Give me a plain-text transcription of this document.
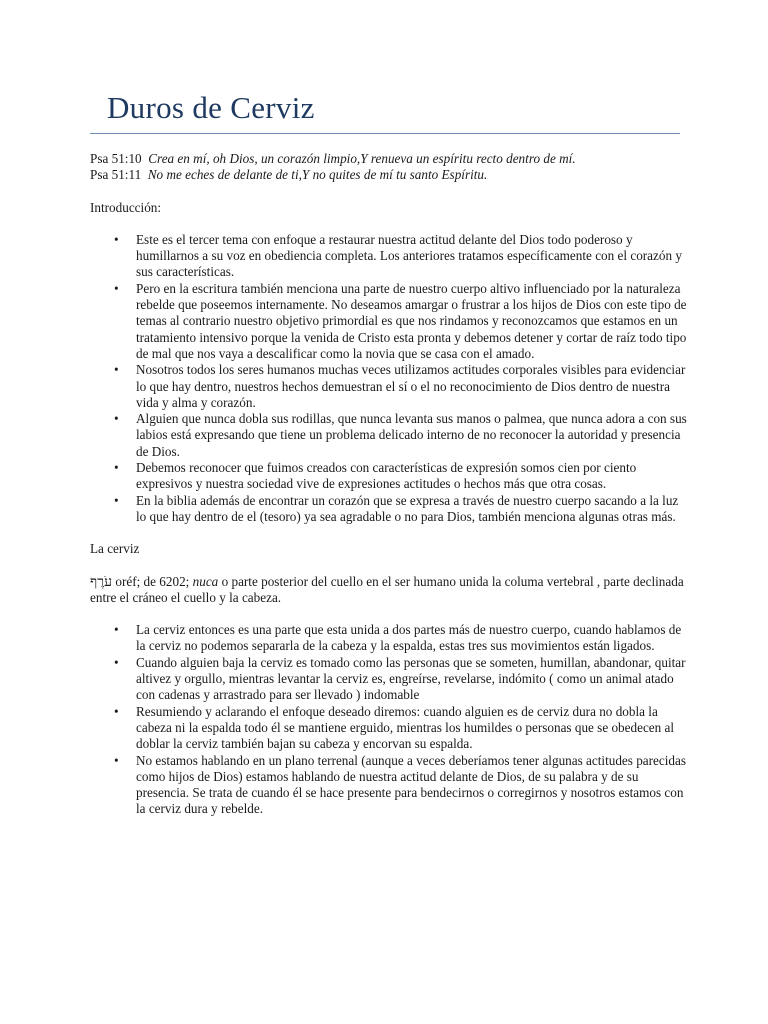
Duros de Cerviz

Psa 51:10 Crea en mí, oh Dios, un corazón limpio,Y renueva un espíritu recto dentro de mí.

Psa 51:11 No me eches de delante de ti,Y no quites de mí tu santo Espíritu.

Introducción:

• Este es el tercer tema con enfoque a restaurar nuestra actitud delante del Dios todo poderoso y humillarnos a su voz en obediencia completa. Los anteriores tratamos específicamente con el corazón y sus características.
• Pero en la escritura también menciona una parte de nuestro cuerpo altivo influenciado por la naturaleza rebelde que poseemos internamente. No deseamos amargar o frustrar a los hijos de Dios con este tipo de temas al contrario nuestro objetivo primordial es que nos rindamos y reconozcamos que estamos en un tratamiento intensivo porque la venida de Cristo esta pronta y debemos detener y cortar de raíz todo tipo de mal que nos vaya a descalificar como la novia que se casa con el amado.
• Nosotros todos los seres humanos muchas veces utilizamos actitudes corporales visibles para evidenciar lo que hay dentro, nuestros hechos demuestran el sí o el no reconocimiento de Dios dentro de nuestra vida y alma y corazón.
• Alguien que nunca dobla sus rodillas, que nunca levanta sus manos o palmea, que nunca adora a con sus labios está expresando que tiene un problema delicado interno de no reconocer la autoridad y presencia de Dios.
• Debemos reconocer que fuimos creados con características de expresión somos cien por ciento expresivos y nuestra sociedad vive de expresiones actitudes o hechos más que otra cosas.
• En la biblia además de encontrar un corazón que se expresa a través de nuestro cuerpo sacando a la luz lo que hay dentro de el (tesoro) ya sea agradable o no para Dios, también menciona algunas otras más.

La cerviz

עֹרֶף oréf; de 6202; nuca o parte posterior del cuello en el ser humano unida la columa vertebral , parte declinada entre el cráneo el cuello y la cabeza.

• La cerviz entonces es una parte que esta unida a dos partes más de nuestro cuerpo, cuando hablamos de la cerviz no podemos separarla de la cabeza y la espalda, estas tres sus movimientos están ligados.
• Cuando alguien baja la cerviz es tomado como las personas que se someten, humillan, abandonar, quitar altivez y orgullo, mientras levantar la cerviz es, engreírse, revelarse, indómito ( como un animal atado con cadenas y arrastrado para ser llevado ) indomable
• Resumiendo y aclarando el enfoque deseado diremos: cuando alguien es de cerviz dura no dobla la cabeza ni la espalda todo él se mantiene erguido, mientras los humildes o personas que se obedecen al doblar la cerviz también bajan su cabeza y encorvan su espalda.
• No estamos hablando en un plano terrenal (aunque a veces deberíamos tener algunas actitudes parecidas como hijos de Dios) estamos hablando de nuestra actitud delante de Dios, de su palabra y de su presencia. Se trata de cuando él se hace presente para bendecirnos o corregirnos y nosotros estamos con la cerviz dura y rebelde.
